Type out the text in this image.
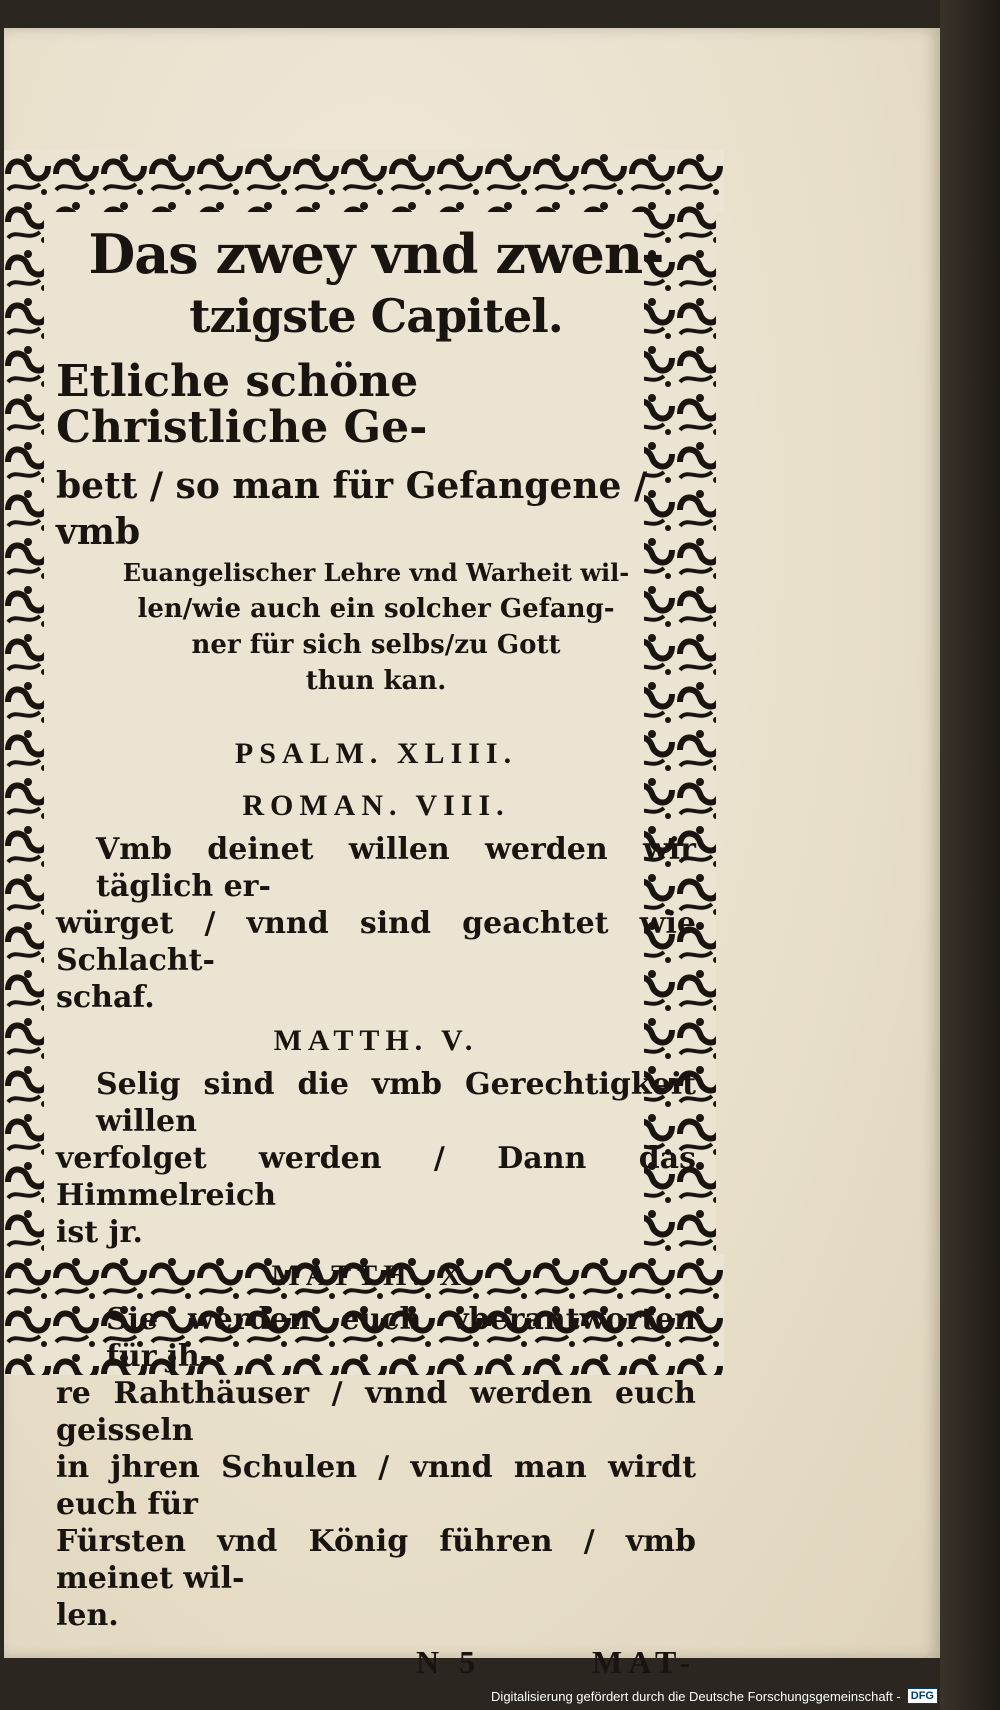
Das zwey vnd zwen-

tzigste Capitel.

Etliche schöne Christliche Ge-

bett / so man für Gefangene / vmb

Euangelischer Lehre vnd Warheit wil-

len/wie auch ein solcher Gefang-

ner für sich selbs/zu Gott

thun kan.

PSALM. XLIII.

ROMAN. VIII.

Vmb deinet willen werden wir täglich er-

würget / vnnd sind geachtet wie Schlacht-

schaf.

MATTH. V.

Selig sind die vmb Gerechtigkeit willen

verfolget werden / Dann das Himmelreich

ist jr.

MATTH. X.

Sie werden euch vberantworten für jh-

re Rahthäuser / vnnd werden euch geisseln

in jhren Schulen / vnnd man wirdt euch für

Fürsten vnd König führen / vmb meinet wil-

len.

N 5	MAT-
Digitalisierung gefördert durch die Deutsche Forschungsgemeinschaft - DFG
